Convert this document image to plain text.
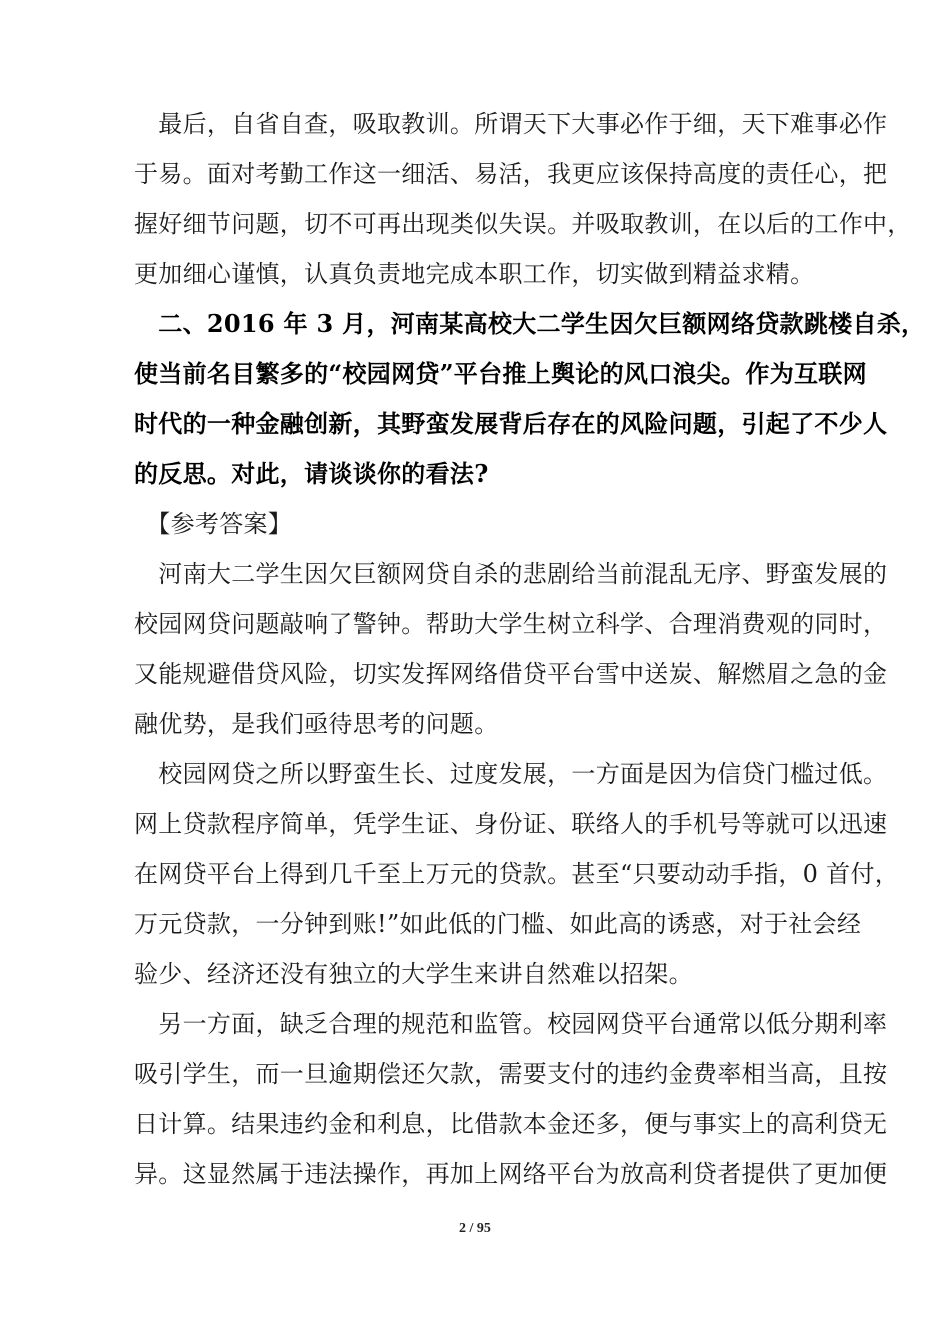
　最后，自省自查，吸取教训。所谓天下大事必作于细，天下难事必作
于易。面对考勤工作这一细活、易活，我更应该保持高度的责任心，把
握好细节问题，切不可再出现类似失误。并吸取教训，在以后的工作中，
更加细心谨慎，认真负责地完成本职工作，切实做到精益求精。
　二、2016 年 3 月，河南某高校大二学生因欠巨额网络贷款跳楼自杀，
使当前名目繁多的“校园网贷”平台推上舆论的风口浪尖。作为互联网
时代的一种金融创新，其野蛮发展背后存在的风险问题，引起了不少人
的反思。对此，请谈谈你的看法?
　【参考答案】
　河南大二学生因欠巨额网贷自杀的悲剧给当前混乱无序、野蛮发展的
校园网贷问题敲响了警钟。帮助大学生树立科学、合理消费观的同时，
又能规避借贷风险，切实发挥网络借贷平台雪中送炭、解燃眉之急的金
融优势，是我们亟待思考的问题。
　校园网贷之所以野蛮生长、过度发展，一方面是因为信贷门槛过低。
网上贷款程序简单，凭学生证、身份证、联络人的手机号等就可以迅速
在网贷平台上得到几千至上万元的贷款。甚至“只要动动手指，0 首付，
万元贷款，一分钟到账!”如此低的门槛、如此高的诱惑，对于社会经
验少、经济还没有独立的大学生来讲自然难以招架。
　另一方面，缺乏合理的规范和监管。校园网贷平台通常以低分期利率
吸引学生，而一旦逾期偿还欠款，需要支付的违约金费率相当高，且按
日计算。结果违约金和利息，比借款本金还多，便与事实上的高利贷无
异。这显然属于违法操作，再加上网络平台为放高利贷者提供了更加便
2 / 95
